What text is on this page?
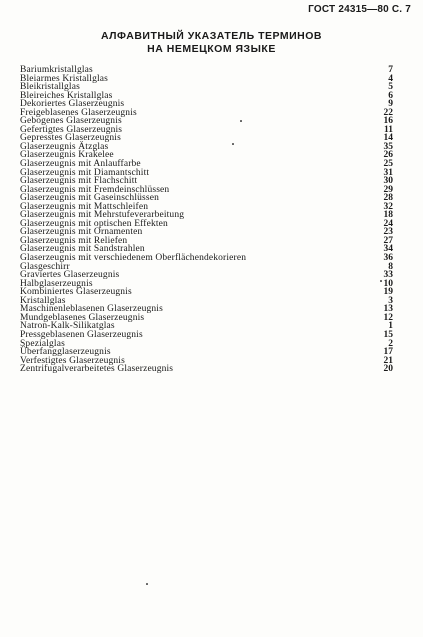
ГОСТ 24315—80 С. 7
АЛФАВИТНЫЙ УКАЗАТЕЛЬ ТЕРМИНОВ
НА НЕМЕЦКОМ ЯЗЫКЕ
Bariumkristallglas	7
Bleiarmes Kristallglas	4
Bleikristallglas	5
Bleireiches Kristallglas	6
Dekoriertes Glaserzeugnis	9
Freigeblasenes Glaserzeugnis	22
Gebogenes Glaserzeugnis	16
Gefertigtes Glaserzeugnis	11
Gepresstes Glaserzeugnis	14
Glaserzeugnis Ätzglas	35
Glaserzeugnis Krakelee	26
Glaserzeugnis mit Anlauffarbe	25
Glaserzeugnis mit Diamantschitt	31
Glaserzeugnis mit Flachschitt	30
Glaserzeugnis mit Fremdeinschlüssen	29
Glaserzeugnis mit Gaseinschlüssen	28
Glaserzeugnis mit Mattschleifen	32
Glaserzeugnis mit Mehrstufeverarbeitung	18
Glaserzeugnis mit optischen Effekten	24
Glaserzeugnis mit Ornamenten	23
Glaserzeugnis mit Reliefen	27
Glaserzeugnis mit Sandstrahlen	34
Glaserzeugnis mit verschiedenem Oberflächendekorieren	36
Glasgeschirr	8
Graviertes Glaserzeugnis	33
Halbglaserzeugnis	10
Kombiniertes Glaserzeugnis	19
Kristallglas	3
Maschinenleblasenen Glaserzeugnis	13
Mundgeblasenes Glaserzeugnis	12
Natron-Kalk-Silikatglas	1
Pressgeblasenen Glaserzeugnis	15
Spezialglas	2
Überfangglaserzeugnis	17
Verfestigtes Glaserzeugnis	21
Zentrifugalverarbeitetes Glaserzeugnis	20
